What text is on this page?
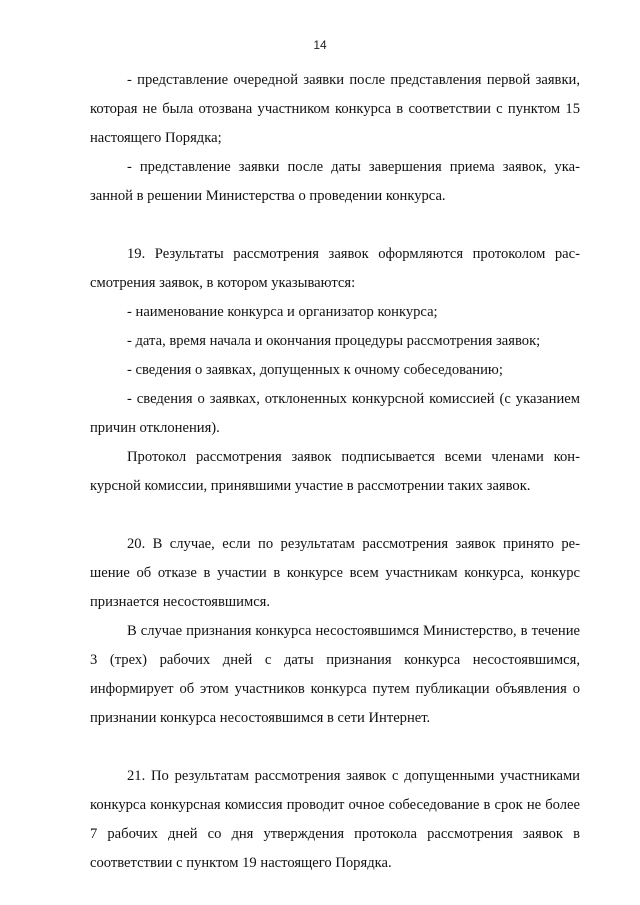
14

- представление очередной заявки после представления первой заявки, которая не была отозвана участником конкурса в соответствии с пунктом 15 настоящего Порядка;

- представление заявки после даты завершения приема заявок, указанной в решении Министерства о проведении конкурса.

19. Результаты рассмотрения заявок оформляются протоколом рассмотрения заявок, в котором указываются:

- наименование конкурса и организатор конкурса;

- дата, время начала и окончания процедуры рассмотрения заявок;

- сведения о заявках, допущенных к очному собеседованию;

- сведения о заявках, отклоненных конкурсной комиссией (с указанием причин отклонения).

Протокол рассмотрения заявок подписывается всеми членами конкурсной комиссии, принявшими участие в рассмотрении таких заявок.

20. В случае, если по результатам рассмотрения заявок принято решение об отказе в участии в конкурсе всем участникам конкурса, конкурс признается несостоявшимся.

В случае признания конкурса несостоявшимся Министерство, в течение 3 (трех) рабочих дней с даты признания конкурса несостоявшимся, информирует об этом участников конкурса путем публикации объявления о признании конкурса несостоявшимся в сети Интернет.

21. По результатам рассмотрения заявок с допущенными участниками конкурса конкурсная комиссия проводит очное собеседование в срок не более 7 рабочих дней со дня утверждения протокола рассмотрения заявок в соответствии с пунктом 19 настоящего Порядка.
